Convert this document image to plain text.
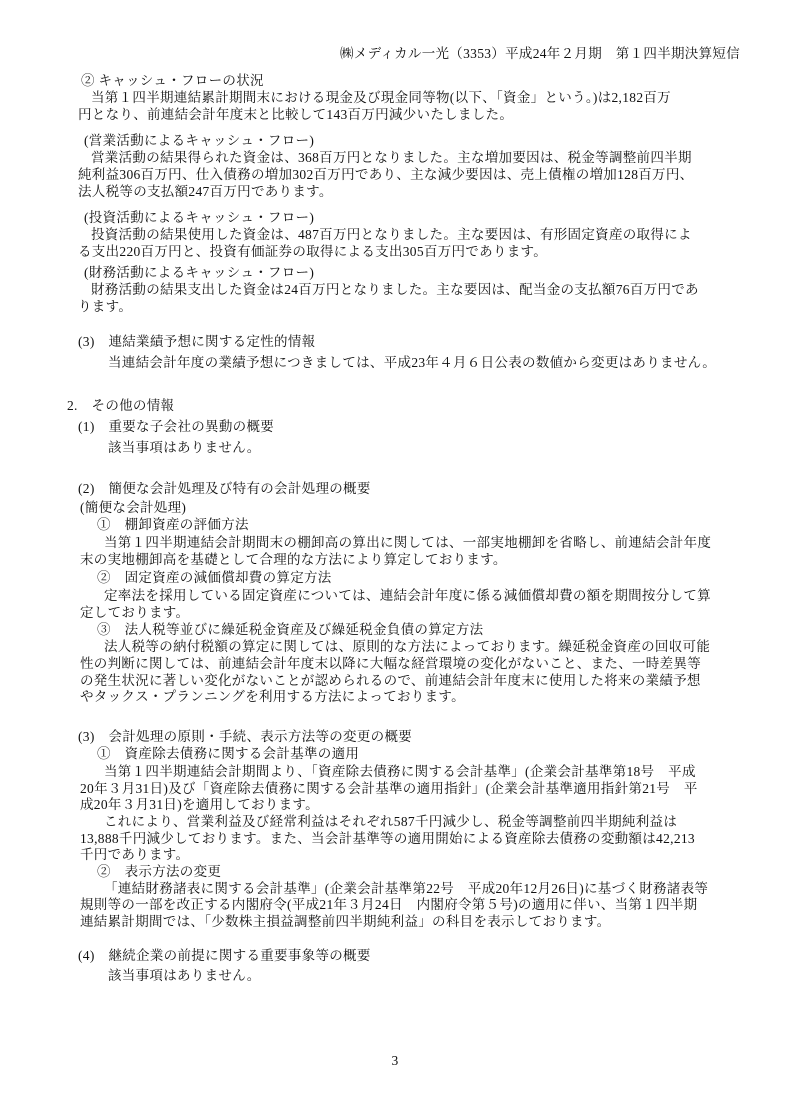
㈱メディカル一光（3353）平成24年２月期　第１四半期決算短信
② キャッシュ・フローの状況
当第１四半期連結累計期間末における現金及び現金同等物(以下、「資金」という。)は2,182百万
円となり、前連結会計年度末と比較して143百万円減少いたしました。
(営業活動によるキャッシュ・フロー)
営業活動の結果得られた資金は、368百万円となりました。主な増加要因は、税金等調整前四半期
純利益306百万円、仕入債務の増加302百万円であり、主な減少要因は、売上債権の増加128百万円、
法人税等の支払額247百万円であります。
(投資活動によるキャッシュ・フロー)
投資活動の結果使用した資金は、487百万円となりました。主な要因は、有形固定資産の取得によ
る支出220百万円と、投資有価証券の取得による支出305百万円であります。
(財務活動によるキャッシュ・フロー)
財務活動の結果支出した資金は24百万円となりました。主な要因は、配当金の支払額76百万円であ
ります。
(3)　連結業績予想に関する定性的情報
当連結会計年度の業績予想につきましては、平成23年４月６日公表の数値から変更はありません。
2.　その他の情報
(1)　重要な子会社の異動の概要
該当事項はありません。
(2)　簡便な会計処理及び特有の会計処理の概要
(簡便な会計処理)
①　棚卸資産の評価方法
当第１四半期連結会計期間末の棚卸高の算出に関しては、一部実地棚卸を省略し、前連結会計年度
末の実地棚卸高を基礎として合理的な方法により算定しております。
②　固定資産の減価償却費の算定方法
定率法を採用している固定資産については、連結会計年度に係る減価償却費の額を期間按分して算
定しております。
③　法人税等並びに繰延税金資産及び繰延税金負債の算定方法
法人税等の納付税額の算定に関しては、原則的な方法によっております。繰延税金資産の回収可能
性の判断に関しては、前連結会計年度末以降に大幅な経営環境の変化がないこと、また、一時差異等
の発生状況に著しい変化がないことが認められるので、前連結会計年度末に使用した将来の業績予想
やタックス・プランニングを利用する方法によっております。
(3)　会計処理の原則・手続、表示方法等の変更の概要
①　資産除去債務に関する会計基準の適用
当第１四半期連結会計期間より、「資産除去債務に関する会計基準」(企業会計基準第18号　平成
20年３月31日)及び「資産除去債務に関する会計基準の適用指針」(企業会計基準適用指針第21号　平
成20年３月31日)を適用しております。
これにより、営業利益及び経常利益はそれぞれ587千円減少し、税金等調整前四半期純利益は
13,888千円減少しております。また、当会計基準等の適用開始による資産除去債務の変動額は42,213
千円であります。
②　表示方法の変更
「連結財務諸表に関する会計基準」(企業会計基準第22号　平成20年12月26日)に基づく財務諸表等
規則等の一部を改正する内閣府令(平成21年３月24日　内閣府令第５号)の適用に伴い、当第１四半期
連結累計期間では、「少数株主損益調整前四半期純利益」の科目を表示しております。
(4)　継続企業の前提に関する重要事象等の概要
該当事項はありません。
3
